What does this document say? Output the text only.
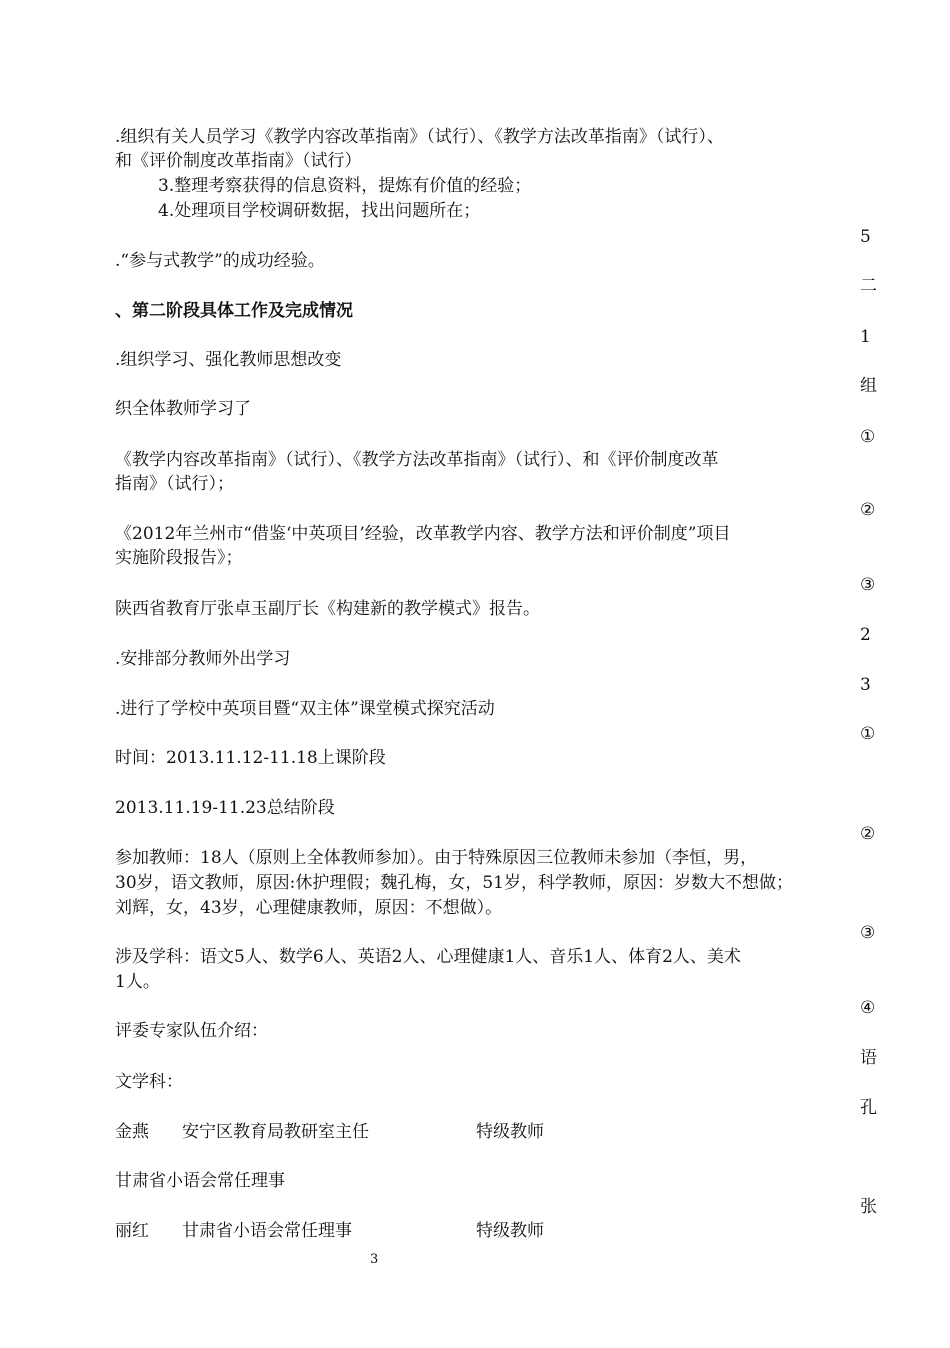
.组织有关人员学习《教学内容改革指南》（试行）、《教学方法改革指南》（试行）、
和《评价制度改革指南》（试行）
3.整理考察获得的信息资料，提炼有价值的经验；
4.处理项目学校调研数据，找出问题所在；
.“参与式教学”的成功经验。
、第二阶段具体工作及完成情况
.组织学习、强化教师思想改变
织全体教师学习了
《教学内容改革指南》（试行）、《教学方法改革指南》（试行）、和《评价制度改革
指南》（试行）；
《2012年兰州市“借鉴‘中英项目’经验，改革教学内容、教学方法和评价制度”项目
实施阶段报告》；
陕西省教育厅张卓玉副厅长《构建新的教学模式》报告。
.安排部分教师外出学习
.进行了学校中英项目暨“双主体”课堂模式探究活动
时间：2013.11.12-11.18上课阶段
2013.11.19-11.23总结阶段
参加教师：18人（原则上全体教师参加）。由于特殊原因三位教师未参加（李恒，男，
30岁，语文教师，原因:休护理假；魏孔梅，女，51岁，科学教师，原因：岁数大不想做；
刘辉，女，43岁，心理健康教师，原因：不想做）。
涉及学科：语文5人、数学6人、英语2人、心理健康1人、音乐1人、体育2人、美术
1人。
评委专家队伍介绍：
文学科：
金燕 安宁区教育局教研室主任	特级教师
甘肃省小语会常任理事
丽红 甘肃省小语会常任理事	特级教师
5
二
1
组
①
②
③
2
3
①
②
③
④
语
孔
张
3
